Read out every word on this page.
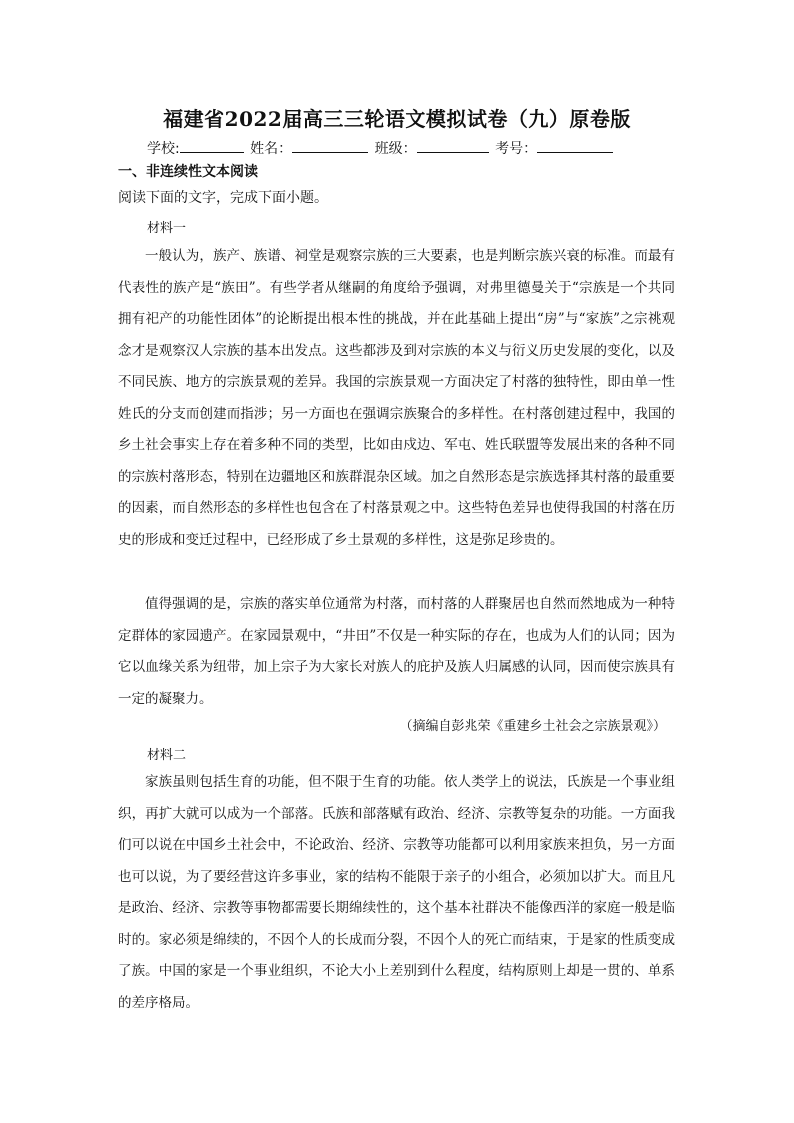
福建省2022届高三三轮语文模拟试卷（九）原卷版
学校:	姓名：	班级：	考号：
一、非连续性文本阅读
阅读下面的文字，完成下面小题。
材料一
一般认为，族产、族谱、祠堂是观察宗族的三大要素，也是判断宗族兴衰的标准。而最有代表性的族产是“族田”。有些学者从继嗣的角度给予强调，对弗里德曼关于“宗族是一个共同拥有祀产的功能性团体”的论断提出根本性的挑战，并在此基础上提出“房”与“家族”之宗祧观念才是观察汉人宗族的基本出发点。这些都涉及到对宗族的本义与衍义历史发展的变化，以及不同民族、地方的宗族景观的差异。我国的宗族景观一方面决定了村落的独特性，即由单一性姓氏的分支而创建而指涉；另一方面也在强调宗族聚合的多样性。在村落创建过程中，我国的乡土社会事实上存在着多种不同的类型，比如由戍边、军屯、姓氏联盟等发展出来的各种不同的宗族村落形态，特别在边疆地区和族群混杂区域。加之自然形态是宗族选择其村落的最重要的因素，而自然形态的多样性也包含在了村落景观之中。这些特色差异也使得我国的村落在历史的形成和变迁过程中，已经形成了乡土景观的多样性，这是弥足珍贵的。
值得强调的是，宗族的落实单位通常为村落，而村落的人群聚居也自然而然地成为一种特定群体的家园遗产。在家园景观中，“井田”不仅是一种实际的存在，也成为人们的认同；因为它以血缘关系为纽带，加上宗子为大家长对族人的庇护及族人归属感的认同，因而使宗族具有一定的凝聚力。
（摘编自彭兆荣《重建乡土社会之宗族景观》）
材料二
家族虽则包括生育的功能，但不限于生育的功能。依人类学上的说法，氏族是一个事业组织，再扩大就可以成为一个部落。氏族和部落赋有政治、经济、宗教等复杂的功能。一方面我们可以说在中国乡土社会中，不论政治、经济、宗教等功能都可以利用家族来担负，另一方面也可以说，为了要经营这许多事业，家的结构不能限于亲子的小组合，必须加以扩大。而且凡是政治、经济、宗教等事物都需要长期绵续性的，这个基本社群决不能像西洋的家庭一般是临时的。家必须是绵续的，不因个人的长成而分裂，不因个人的死亡而结束，于是家的性质变成了族。中国的家是一个事业组织，不论大小上差别到什么程度，结构原则上却是一贯的、单系的差序格局。
